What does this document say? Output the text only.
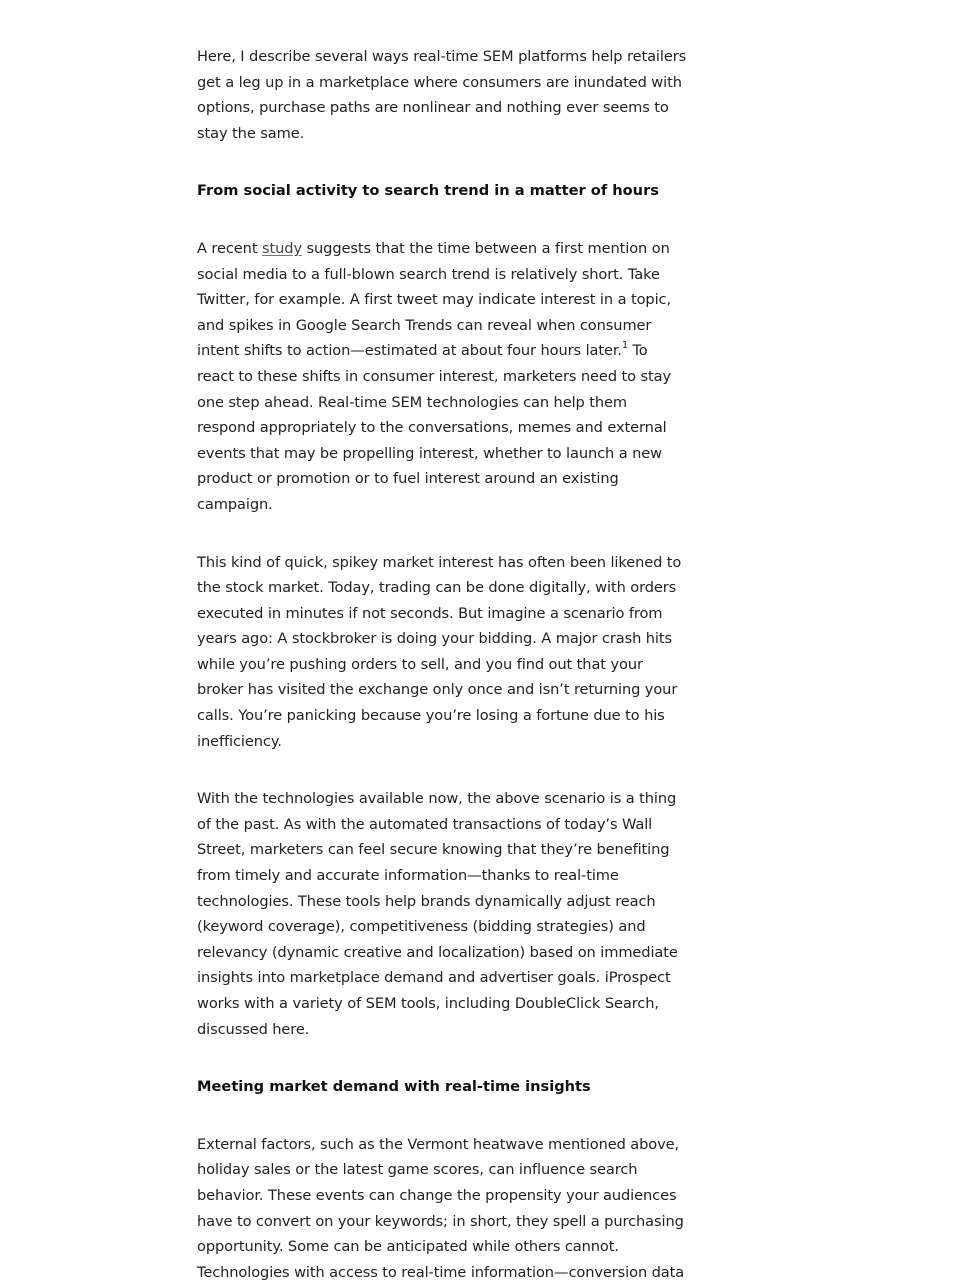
Here, I describe several ways real-time SEM platforms help retailers get a leg up in a marketplace where consumers are inundated with options, purchase paths are nonlinear and nothing ever seems to stay the same.

From social activity to search trend in a matter of hours

A recent study suggests that the time between a first mention on social media to a full-blown search trend is relatively short. Take Twitter, for example. A first tweet may indicate interest in a topic, and spikes in Google Search Trends can reveal when consumer intent shifts to action—estimated at about four hours later.$^1$ To react to these shifts in consumer interest, marketers need to stay one step ahead. Real-time SEM technologies can help them respond appropriately to the conversations, memes and external events that may be propelling interest, whether to launch a new product or promotion or to fuel interest around an existing campaign.

This kind of quick, spikey market interest has often been likened to the stock market. Today, trading can be done digitally, with orders executed in minutes if not seconds. But imagine a scenario from years ago: A stockbroker is doing your bidding. A major crash hits while you’re pushing orders to sell, and you find out that your broker has visited the exchange only once and isn’t returning your calls. You’re panicking because you’re losing a fortune due to his inefficiency.

With the technologies available now, the above scenario is a thing of the past. As with the automated transactions of today’s Wall Street, marketers can feel secure knowing that they’re benefiting from timely and accurate information—thanks to real-time technologies. These tools help brands dynamically adjust reach (keyword coverage), competitiveness (bidding strategies) and relevancy (dynamic creative and localization) based on immediate insights into marketplace demand and advertiser goals. iProspect works with a variety of SEM tools, including DoubleClick Search, discussed here.

Meeting market demand with real-time insights

External factors, such as the Vermont heatwave mentioned above, holiday sales or the latest game scores, can influence search behavior. These events can change the propensity your audiences have to convert on your keywords; in short, they spell a purchasing opportunity. Some can be anticipated while others cannot. Technologies with access to real-time information—conversion data
